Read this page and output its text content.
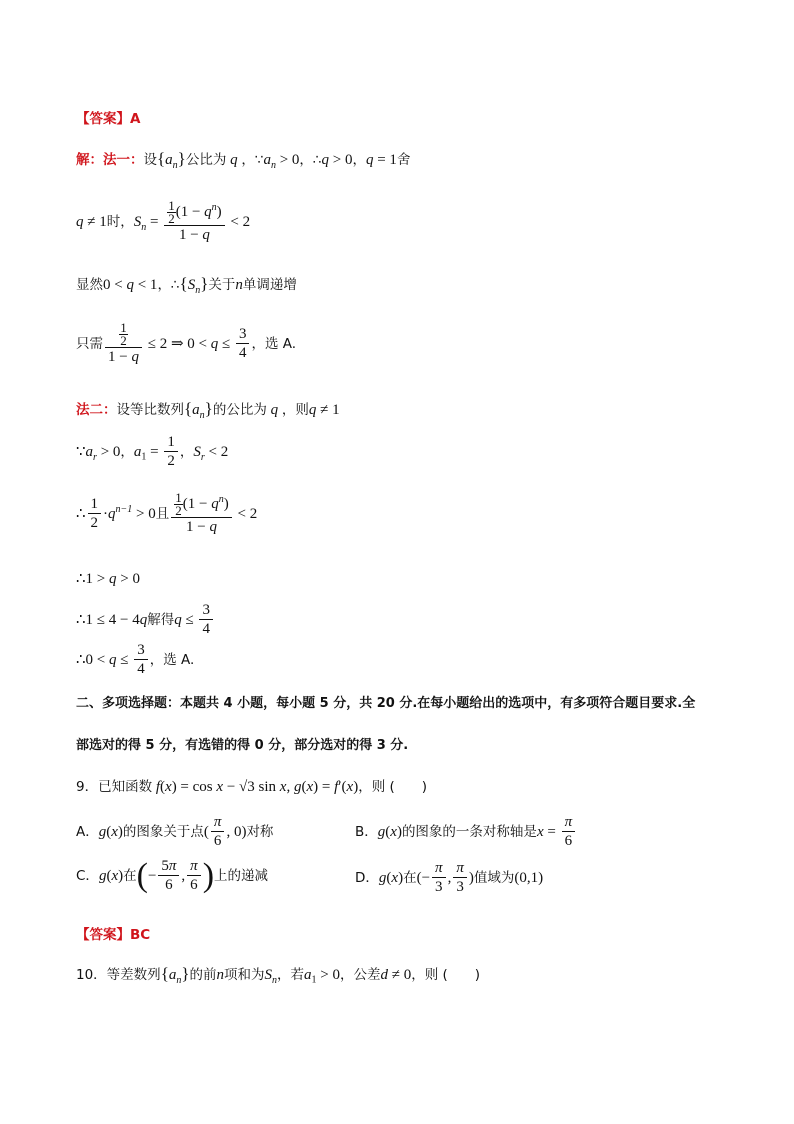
【答案】A
解：法一：设$\{a_n\}$公比为 q ，$\because a_n > 0$，∴q > 0，q = 1舍
q ≠ 1时，$S_n = \frac{\frac{1}{2} (1 - q^n)}{1 - q} < 2$
显然0 < q < 1，$\therefore\{S_n\}$关于n单调递增
只需 $\frac{\frac{1}{2}}{1 - q} \le 2$ ⇒ $0 < q \le \frac{3}{4}$ ，选 A.
法二：设等比数列$\{a_n\}$的公比为 q ，则q ≠ 1
$\because a_r > 0$，$a_1 = \frac{1}{2}$ ，$S_r < 2$
∴ $\frac{1}{2} \cdot q^{n-1} > 0$且 $\frac{\frac{1}{2} (1 - q^n)}{1 - q} < 2$
∴1 > q > 0
∴1 ≤ 4 − 4q解得$q \le \frac{3}{4}$
∴0 < $q \le \frac{3}{4}$ ，选 A.
二、多项选择题：本题共 4 小题，每小题 5 分，共 20 分.在每小题给出的选项中，有多项符合题目要求.全
部选对的得 5 分，有选错的得 0 分，部分选对的得 3 分.
9．已知函数 f(x) = cos x − √3 sin x, g(x) = f′(x)，则 (　　)
A．g(x)的图象关于点( $\frac{\pi}{6}$ , 0)对称	B．g(x)的图象的一条对称轴是$x = \frac{\pi}{6}$
C．g(x)在(− $\frac{5\pi}{6}$ , $\frac{\pi}{6}$ )上的递减	D．g(x)在(− $\frac{\pi}{3}$ , $\frac{\pi}{3}$ )值域为(0,1)
【答案】BC
10．等差数列$\{a_n\}$的前n项和为$S_n$，若$a_1 > 0$，公差d ≠ 0，则 (　　)
